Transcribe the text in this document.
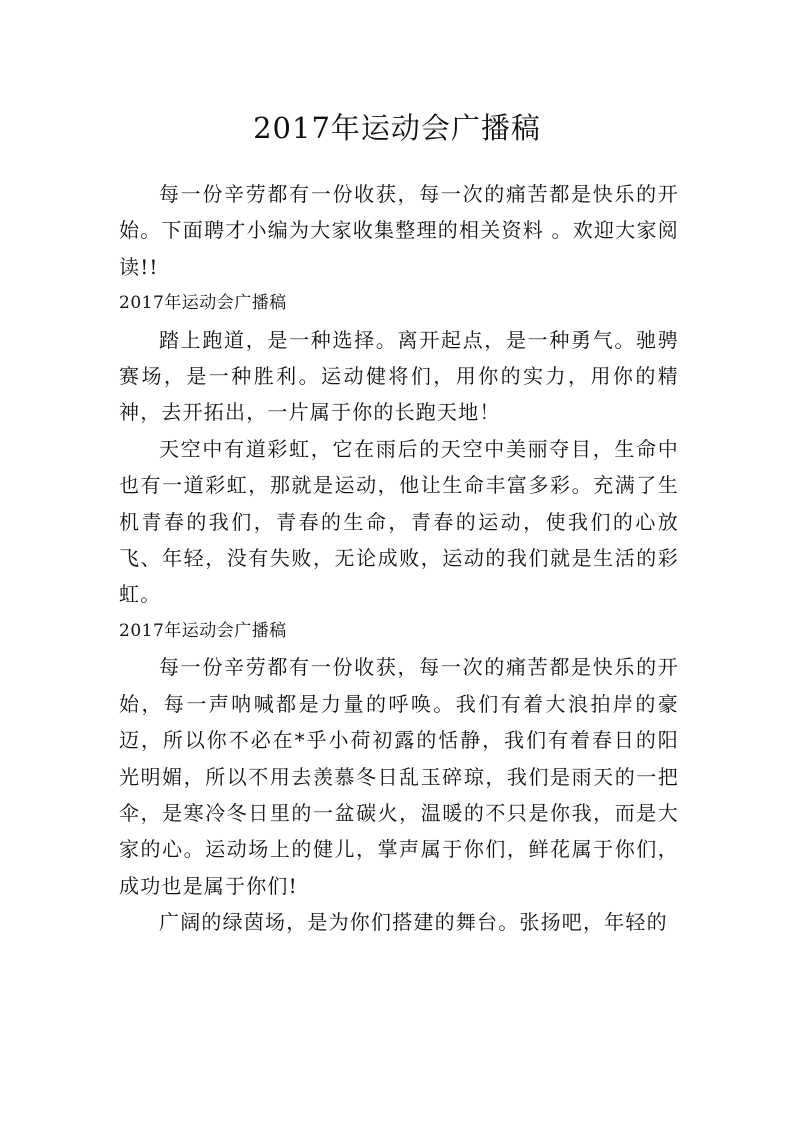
2017年运动会广播稿

每一份辛劳都有一份收获，每一次的痛苦都是快乐的开始。下面聘才小编为大家收集整理的相关资料 。欢迎大家阅读!!

2017年运动会广播稿

踏上跑道，是一种选择。离开起点，是一种勇气。驰骋赛场，是一种胜利。运动健将们，用你的实力，用你的精神，去开拓出，一片属于你的长跑天地！

天空中有道彩虹，它在雨后的天空中美丽夺目，生命中也有一道彩虹，那就是运动，他让生命丰富多彩。充满了生机青春的我们，青春的生命，青春的运动，使我们的心放飞、年轻，没有失败，无论成败，运动的我们就是生活的彩虹。

2017年运动会广播稿

每一份辛劳都有一份收获，每一次的痛苦都是快乐的开始，每一声呐喊都是力量的呼唤。我们有着大浪拍岸的豪迈，所以你不必在*乎小荷初露的恬静，我们有着春日的阳光明媚，所以不用去羡慕冬日乱玉碎琼，我们是雨天的一把伞，是寒冷冬日里的一盆碳火，温暖的不只是你我，而是大家的心。运动场上的健儿，掌声属于你们，鲜花属于你们，成功也是属于你们!

广阔的绿茵场，是为你们搭建的舞台。张扬吧，年轻的
